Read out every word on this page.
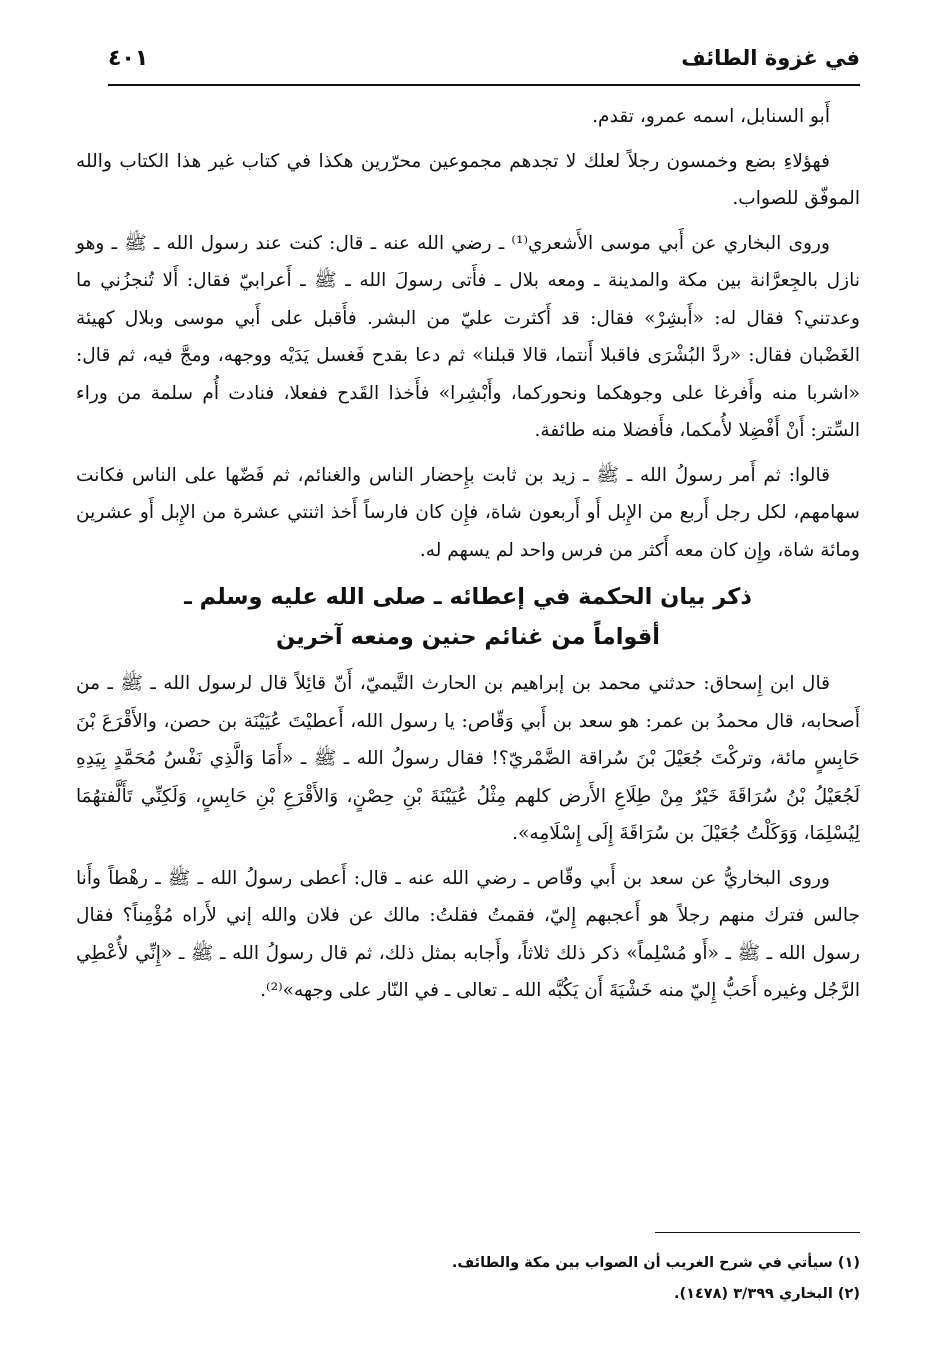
في غزوة الطائف
٤٠١

أَبو السنابل، اسمه عمرو، تقدم.

فهؤلاءِ بضع وخمسون رجلاً لعلك لا تجدهم مجموعين محرّرين هكذا في كتاب غير هذا الكتاب والله الموفّق للصواب.

وروى البخاري عن أَبي موسى الأَشعري⁽¹⁾ ـ رضي الله عنه ـ قال: كنت عند رسول الله ـ ﷺ ـ وهو نازل بالجِعرَّانة بين مكة والمدينة ـ ومعه بلال ـ فأَتى رسولَ الله ـ ﷺ ـ أَعرابيّ فقال: أَلا تُنجزُني ما وعدتني؟ فقال له: «أَبشِرْ» فقال: قد أَكثرت عليّ من البشر. فأَقبل على أَبي موسى وبلال كهيئة الغَضْبان فقال: «ردَّ البُشْرَى فاقبلا أَنتما، قالا قبلنا» ثم دعا بقدح فَغسل يَدَيْه ووجهه، ومجَّ فيه، ثم قال: «اشربا منه وأَفرغا على وجوهكما ونحوركما، وأَبْشِرا» فأَخذا القَدح ففعلا، فنادت أُم سلمة من وراء السِّتر: أَنْ أَفْضِلا لأُمكما، فأَفضلا منه طائفة.

قالوا: ثم أَمر رسولُ الله ـ ﷺ ـ زيد بن ثابت بإِحضار الناس والغنائم، ثم فَضّها على الناس فكانت سهامهم، لكل رجل أَربع من الإِبل أَو أَربعون شاة، فإِن كان فارساً أَخذ اثنتي عشرة من الإِبل أَو عشرين ومائة شاة، وإِن كان معه أَكثر من فرس واحد لم يسهم له.

ذكر بيان الحكمة في إعطائه ـ صلى الله عليه وسلم ـ
أقواماً من غنائم حنين ومنعه آخرين

قال ابن إِسحاق: حدثني محمد بن إبراهيم بن الحارث التَّيميّ، أَنّ قائِلاً قال لرسول الله ـ ﷺ ـ من أَصحابه، قال محمدُ بن عمر: هو سعد بن أَبي وَقّاص: يا رسول الله، أَعطيْتَ عُيَيْنَة بن حصن، والأَقْرَعَ بْنَ حَابِسٍ مائة، وتركْتَ جُعَيْلَ بْنَ سُراقة الضَّمْريّ؟! فقال رسولُ الله ـ ﷺ ـ «أَمَا وَالَّذِي نَفْسُ مُحَمَّدٍ بِيَدِهِ لَجُعَيْلُ بْنُ سُرَاقَةَ خَيْرٌ مِنْ طِلَاعِ الأَرض كلهم مِثْلُ عُيَيْنَةَ بْنِ حِصْنٍ، وَالأَقْرَعِ بْنِ حَابِسٍ، وَلَكِنِّي تَأَلَّفتهُمَا لِيُسْلِمَا، وَوَكَلْتُ جُعَيْلَ بن سُرَاقَةَ إِلَى إِسْلَامِه».

وروى البخاريُّ عن سعد بن أَبي وقّاص ـ رضي الله عنه ـ قال: أَعطى رسولُ الله ـ ﷺ ـ رهْطاً وأَنا جالس فترك منهم رجلاً هو أَعجبهم إِليّ، فقمتُ فقلتُ: مالك عن فلان والله إني لأَراه مُؤْمِناً؟ فقال رسول الله ـ ﷺ ـ «أَو مُسْلِماً» ذكر ذلك ثلاثاً، وأَجابه بمثل ذلك، ثم قال رسولُ الله ـ ﷺ ـ «إِنِّي لأُعْطِي الرَّجُل وغيره أَحَبُّ إِليّ منه خَشْيَةَ أَن يَكُبَّه الله ـ تعالى ـ في النّار على وجهه»⁽²⁾.

(١) سيأتي في شرح الغريب أن الصواب بين مكة والطائف.
(٢) البخاري ٣/٣٩٩ (١٤٧٨).
